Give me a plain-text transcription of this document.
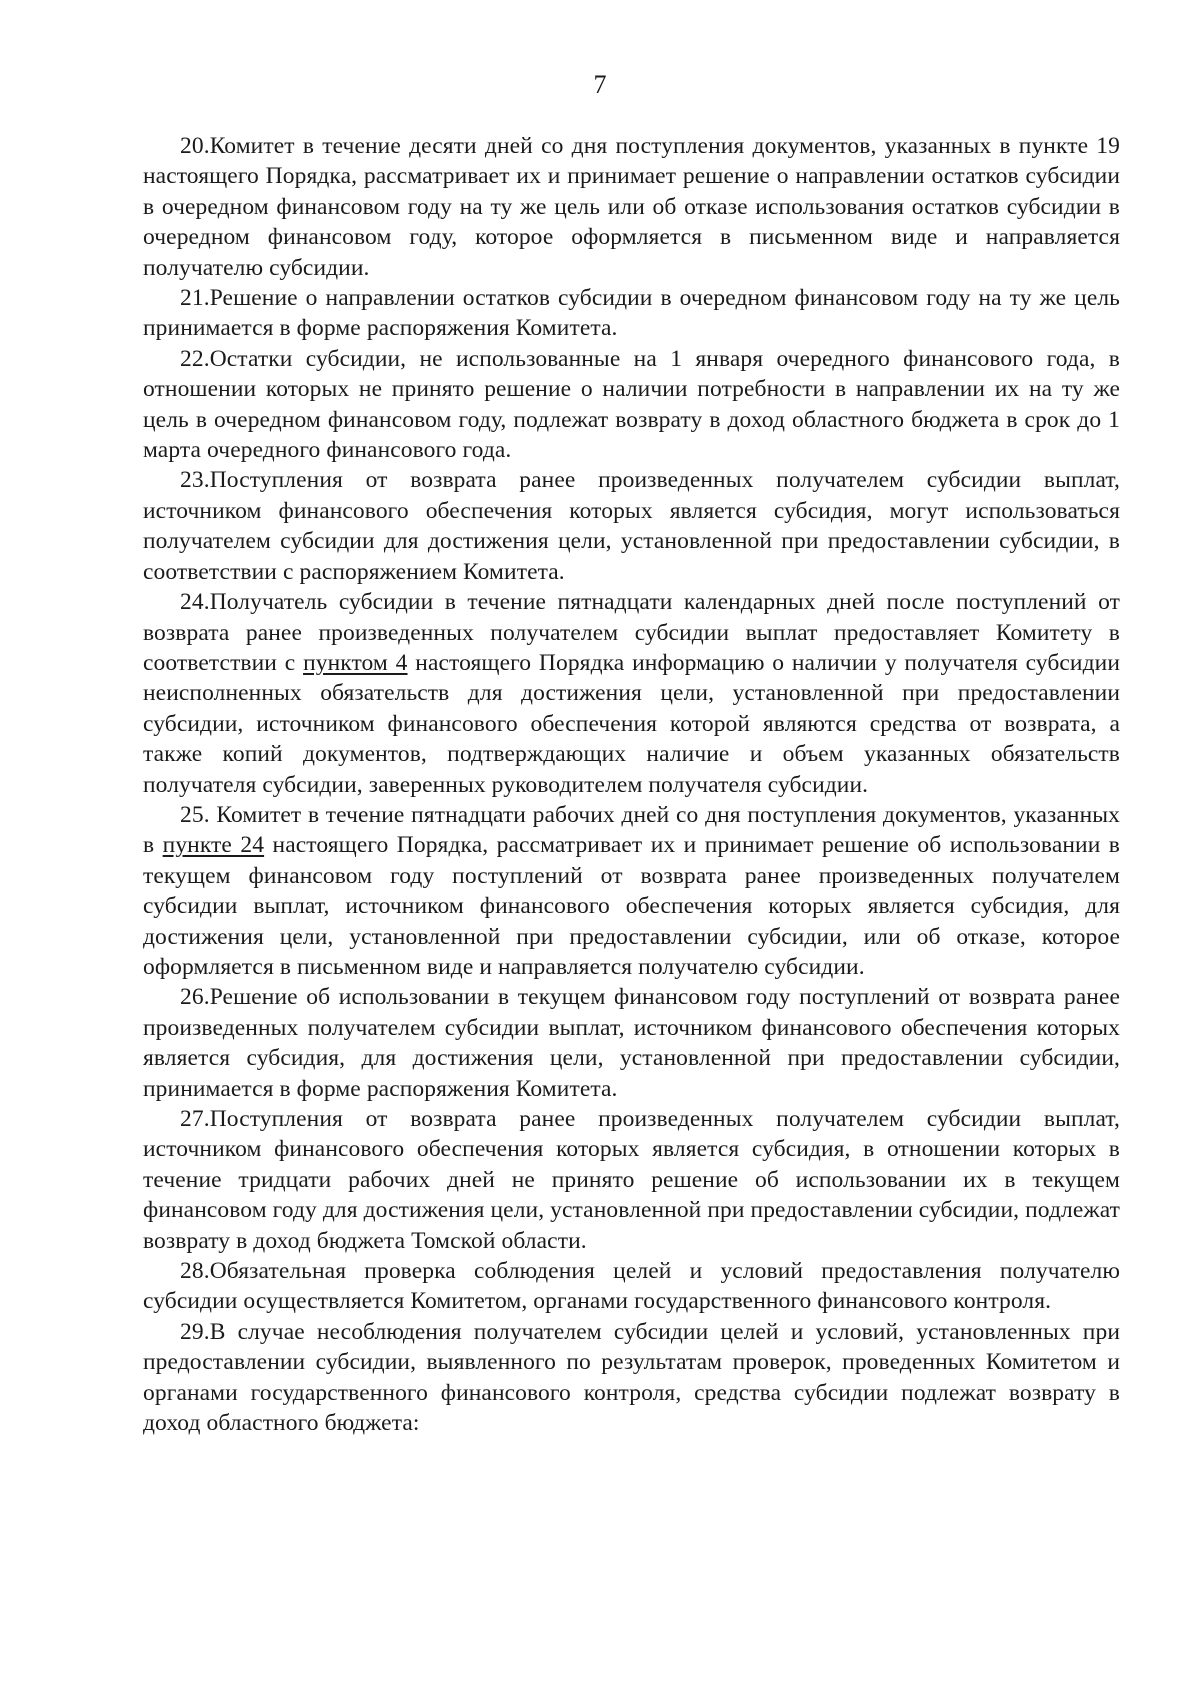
7

20.Комитет в течение десяти дней со дня поступления документов, указанных в пункте 19 настоящего Порядка, рассматривает их и принимает решение о направлении остатков субсидии в очередном финансовом году на ту же цель или об отказе использования остатков субсидии в очередном финансовом году, которое оформляется в письменном виде и направляется получателю субсидии.

21.Решение о направлении остатков субсидии в очередном финансовом году на ту же цель принимается в форме распоряжения Комитета.

22.Остатки субсидии, не использованные на 1 января очередного финансового года, в отношении которых не принято решение о наличии потребности в направлении их на ту же цель в очередном финансовом году, подлежат возврату в доход областного бюджета в срок до 1 марта очередного финансового года.

23.Поступления от возврата ранее произведенных получателем субсидии выплат, источником финансового обеспечения которых является субсидия, могут использоваться получателем субсидии для достижения цели, установленной при предоставлении субсидии, в соответствии с распоряжением Комитета.

24.Получатель субсидии в течение пятнадцати календарных дней после поступлений от возврата ранее произведенных получателем субсидии выплат предоставляет Комитету в соответствии с пунктом 4 настоящего Порядка информацию о наличии у получателя субсидии неисполненных обязательств для достижения цели, установленной при предоставлении субсидии, источником финансового обеспечения которой являются средства от возврата, а также копий документов, подтверждающих наличие и объем указанных обязательств получателя субсидии, заверенных руководителем получателя субсидии.

25. Комитет в течение пятнадцати рабочих дней со дня поступления документов, указанных в пункте 24 настоящего Порядка, рассматривает их и принимает решение об использовании в текущем финансовом году поступлений от возврата ранее произведенных получателем субсидии выплат, источником финансового обеспечения которых является субсидия, для достижения цели, установленной при предоставлении субсидии, или об отказе, которое оформляется в письменном виде и направляется получателю субсидии.

26.Решение об использовании в текущем финансовом году поступлений от возврата ранее произведенных получателем субсидии выплат, источником финансового обеспечения которых является субсидия, для достижения цели, установленной при предоставлении субсидии, принимается в форме распоряжения Комитета.

27.Поступления от возврата ранее произведенных получателем субсидии выплат, источником финансового обеспечения которых является субсидия, в отношении которых в течение тридцати рабочих дней не принято решение об использовании их в текущем финансовом году для достижения цели, установленной при предоставлении субсидии, подлежат возврату в доход бюджета Томской области.

28.Обязательная проверка соблюдения целей и условий предоставления получателю субсидии осуществляется Комитетом, органами государственного финансового контроля.

29.В случае несоблюдения получателем субсидии целей и условий, установленных при предоставлении субсидии, выявленного по результатам проверок, проведенных Комитетом и органами государственного финансового контроля, средства субсидии подлежат возврату в доход областного бюджета:
